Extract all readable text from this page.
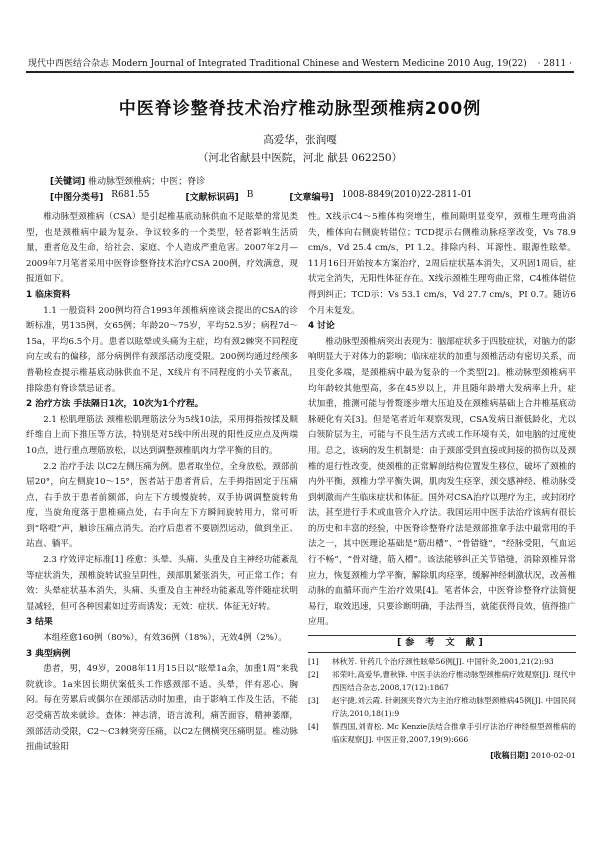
现代中西医结合杂志 Modern Journal of Integrated Traditional Chinese and Western Medicine 2010 Aug, 19(22) · 2811 ·
中医脊诊整脊技术治疗椎动脉型颈椎病200例
高爱华，张润嘎
（河北省献县中医院，河北 献县 062250）
[关键词] 椎动脉型颈椎病；中医；脊诊
[中图分类号] R681.55	[文献标识码] B	[文章编号] 1008-8849(2010)22-2811-01

椎动脉型颈椎病（CSA）是引起椎基底动脉供血不足眩晕的常见类型，也是颈椎病中最为复杂、争议较多的一个类型，轻者影响生活质量，重者危及生命，给社会、家庭、个人造成严重危害。2007年2月—2009年7月笔者采用中医脊诊整脊技术治疗CSA 200例，疗效满意，现报道如下。

1 临床资料

1.1 一般资料 200例均符合1993年颈椎病座谈会提出的CSA的诊断标准，男135例，女65例；年龄20～75岁，平均52.5岁；病程7d～15a，平均6.5个月。患者以眩晕或头痛为主症，均有颈2棘突不同程度向左或右的偏移，部分病例伴有颈部活动度受限。200例均通过经颅多普勒检查提示椎基底动脉供血不足，X线片有不同程度的小关节紊乱，排除患有脊诊禁忌证者。

2 治疗方法 手法隔日1次，10次为1个疗程。

2.1 松肌理筋法 颈椎松肌理筋法分为5线10法，采用拇指按揉及顺纤维自上而下推压等方法，特别是对5线中所出现的阳性反应点及两端10点，进行重点理筋放松，以达到调整颈椎肌肉力学平衡的目的。

2.2 治疗手法 以C2左侧压痛为例。患者取坐位，全身放松，颈部前屈20°，向左侧旋10～15°，医者站于患者背后，左手拇指固定于压痛点，右手放于患者前额部，向左下方缓慢旋转，双手协调调整旋转角度，当旋角度落于患椎痛点处，右手向左下方瞬间旋转用力，常可听到“咯噔”声，触诊压痛点消失。治疗后患者不要剧烈运动，做到坐正、站直、躺平。

2.3 疗效评定标准[1] 痊愈：头晕、头痛、头重及自主神经功能紊乱等症状消失，颈椎旋转试验呈阴性，颈部肌紧张消失，可正常工作；有效：头晕症状基本消失，头痛、头重及自主神经功能紊乱等伴随症状明显减轻，但可各种因素如过劳而诱发；无效：症状、体征无好转。

3 结果

本组痊愈160例（80%），有效36例（18%），无效4例（2%）。

3 典型病例

患者，男，49岁，2008年11月15日以“眩晕1a余，加重1周”来我院就诊。1a来因长期伏案低头工作感颈部不适、头晕，伴有恶心、胸闷。每在劳累后或偶尔在颈部活动时加重，由于影响工作及生活，不能忍受痛苦故来就诊。查体：神志清，语言流利，痛苦面容，精神萎靡，颈部活动受限，C2～C3棘突旁压痛，以C2左侧横突压痛明显。椎动脉扭曲试验阳

性。X线示C4～5椎体构突增生，椎间隙明显变窄，颈椎生理弯曲消失，椎体向右侧旋转错位；TCD提示右侧椎动脉痉挛改变，Vs 78.9 cm/s，Vd 25.4 cm/s，PI 1.2。排除内科、耳源性、眼源性眩晕。11月16日开始按本方案治疗，2周后症状基本消失，又巩固1周后，症状完全消失，无阳性体征存在。X线示颈椎生理弯曲正常，C4椎体错位得到纠正；TCD示：Vs 53.1 cm/s，Vd 27.7 cm/s，PI 0.7。随访6个月未复发。

4 讨论

椎动脉型颈椎病突出表现为：脑部症状多于四肢症状，对脑力的影响明显大于对体力的影响；临床症状的加重与颈椎活动有密切关系，而且变化多端，是颈椎病中最为复杂的一个类型[2]。椎动脉型颈椎病平均年龄较其他型高，多在45岁以上，并且随年龄增大发病率上升，症状加重，推测可能与骨赘逐步增大压迫及在颈椎病基础上合并椎基底动脉硬化有关[3]。但是笔者近年观察发现，CSA发病日渐低龄化，尤以白领阶层为主，可能与不良生活方式或工作环境有关，如电脑的过度使用。总之，该病的发生机制是：由于颈部受到直接或间接的损伤以及颈椎的退行性改变，使颈椎的正常解剖结构位置发生移位，破坏了颈椎的内外平衡，颈椎力学平衡失调，肌肉发生痉挛，颈交感神经、椎动脉受到刺激而产生临床症状和体征。国外对CSA治疗以理疗为主，或封闭疗法，甚至进行手术或血管介入疗法。我国运用中医手法治疗该病有很长的历史和丰富的经验，中医脊诊整脊疗法是颈部推拿手法中最常用的手法之一，其中医理论基础是“筋出槽”、“骨错缝”，“经脉受阻，气血运行不畅”，“骨对缝，筋入槽”。该法能够纠正关节错缝，消除颈椎异常应力，恢复颈椎力学平衡，解除肌肉痉挛，缓解神经刺激状况，改善椎动脉的血循环而产生治疗效果[4]。笔者体会，中医脊诊整脊疗法简便易行，取效迅速，只要诊断明确，手法得当，就能获得良效，值得推广应用。

[参 考 文 献]
[1]	林秋芳. 针药几个治疗颈性眩晕56例[J]. 中国针灸,2001,21(2):93
[2]	祁荣叶,高爱华,曹秋锋. 中医手法治疗椎动脉型颈椎病疗效观察[J]. 现代中西医结合杂志,2008,17(12):1867
[3]	赵宇捷,刘云霞. 针刺颈夹脊穴为主治疗椎动脉型颈椎病45例[J]. 中国民间疗法,2010,18(1):9
[4]	蔡西国,刘青松. Mc Kenzie法结合推拿手引疗法治疗神经根型颈椎病的临床观察[J]. 中医正骨,2007,19(9):666
[收稿日期] 2010-02-01
